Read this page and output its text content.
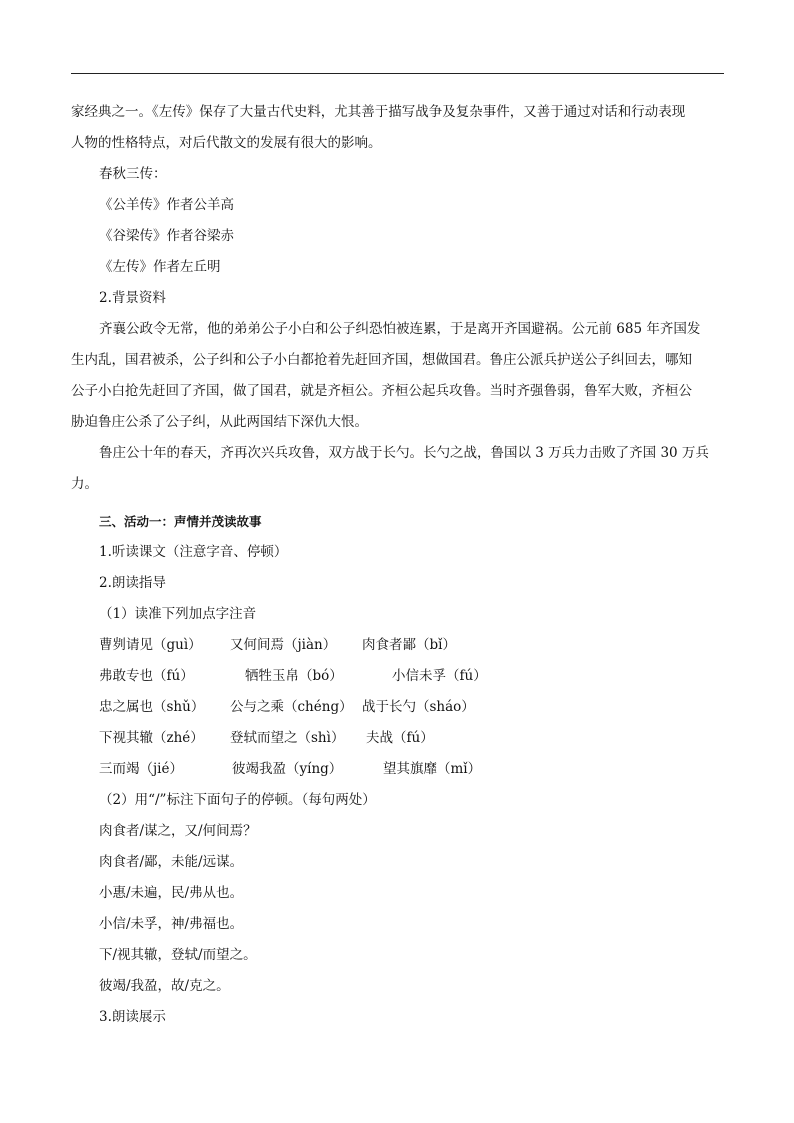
家经典之一。《左传》保存了大量古代史料，尤其善于描写战争及复杂事件，又善于通过对话和行动表现
人物的性格特点，对后代散文的发展有很大的影响。
春秋三传：
《公羊传》作者公羊高
《谷梁传》作者谷梁赤
《左传》作者左丘明
2.背景资料
齐襄公政令无常，他的弟弟公子小白和公子纠恐怕被连累，于是离开齐国避祸。公元前 685 年齐国发
生内乱，国君被杀，公子纠和公子小白都抢着先赶回齐国，想做国君。鲁庄公派兵护送公子纠回去，哪知
公子小白抢先赶回了齐国，做了国君，就是齐桓公。齐桓公起兵攻鲁。当时齐强鲁弱，鲁军大败，齐桓公
胁迫鲁庄公杀了公子纠，从此两国结下深仇大恨。
鲁庄公十年的春天，齐再次兴兵攻鲁，双方战于长勺。长勺之战，鲁国以 3 万兵力击败了齐国 30 万兵
力。
三、活动一：声情并茂读故事
1.听读课文（注意字音、停顿）
2.朗读指导
（1）读准下列加点字注音
曹刿请见（guì） 又何间焉（jiàn） 肉食者鄙（bǐ）
弗敢专也（fú）	牺牲玉帛（bó）	小信未孚（fú）
忠之属也（shǔ） 公与之乘（chéng） 战于长勺（sháo）
下视其辙（zhé） 登轼而望之（shì） 夫战（fú）
三而竭（jié）	彼竭我盈（yíng）	望其旗靡（mǐ）
（2）用“/”标注下面句子的停顿。（每句两处）
肉食者/谋之，又/何间焉？
肉食者/鄙，未能/远谋。
小惠/未遍，民/弗从也。
小信/未孚，神/弗福也。
下/视其辙，登轼/而望之。
彼竭/我盈，故/克之。
3.朗读展示
